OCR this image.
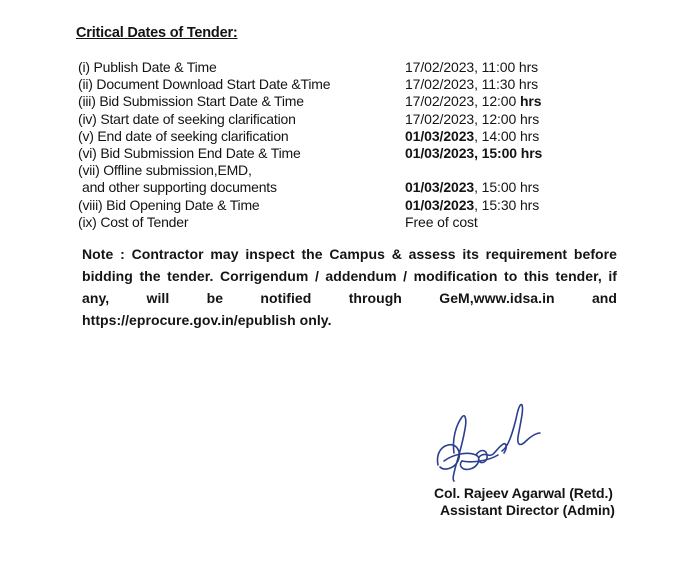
Critical Dates of Tender:
(i) Publish Date & Time	17/02/2023, 11:00 hrs
(ii) Document Download Start Date &Time	17/02/2023, 11:30 hrs
(iii) Bid Submission Start Date & Time	17/02/2023, 12:00 hrs
(iv) Start date of seeking clarification	17/02/2023, 12:00 hrs
(v) End date of seeking clarification	01/03/2023, 14:00 hrs
(vi) Bid Submission End Date & Time	01/03/2023, 15:00 hrs
(vii) Offline submission,EMD,
and other supporting documents	01/03/2023, 15:00 hrs
(viii) Bid Opening Date & Time	01/03/2023, 15:30 hrs
(ix) Cost of Tender	Free of cost
Note : Contractor may inspect the Campus & assess its requirement before bidding the tender. Corrigendum / addendum / modification to this tender, if any, will be notified through GeM,www.idsa.in and https://eprocure.gov.in/epublish only.
Col. Rajeev Agarwal (Retd.)
Assistant Director (Admin)
